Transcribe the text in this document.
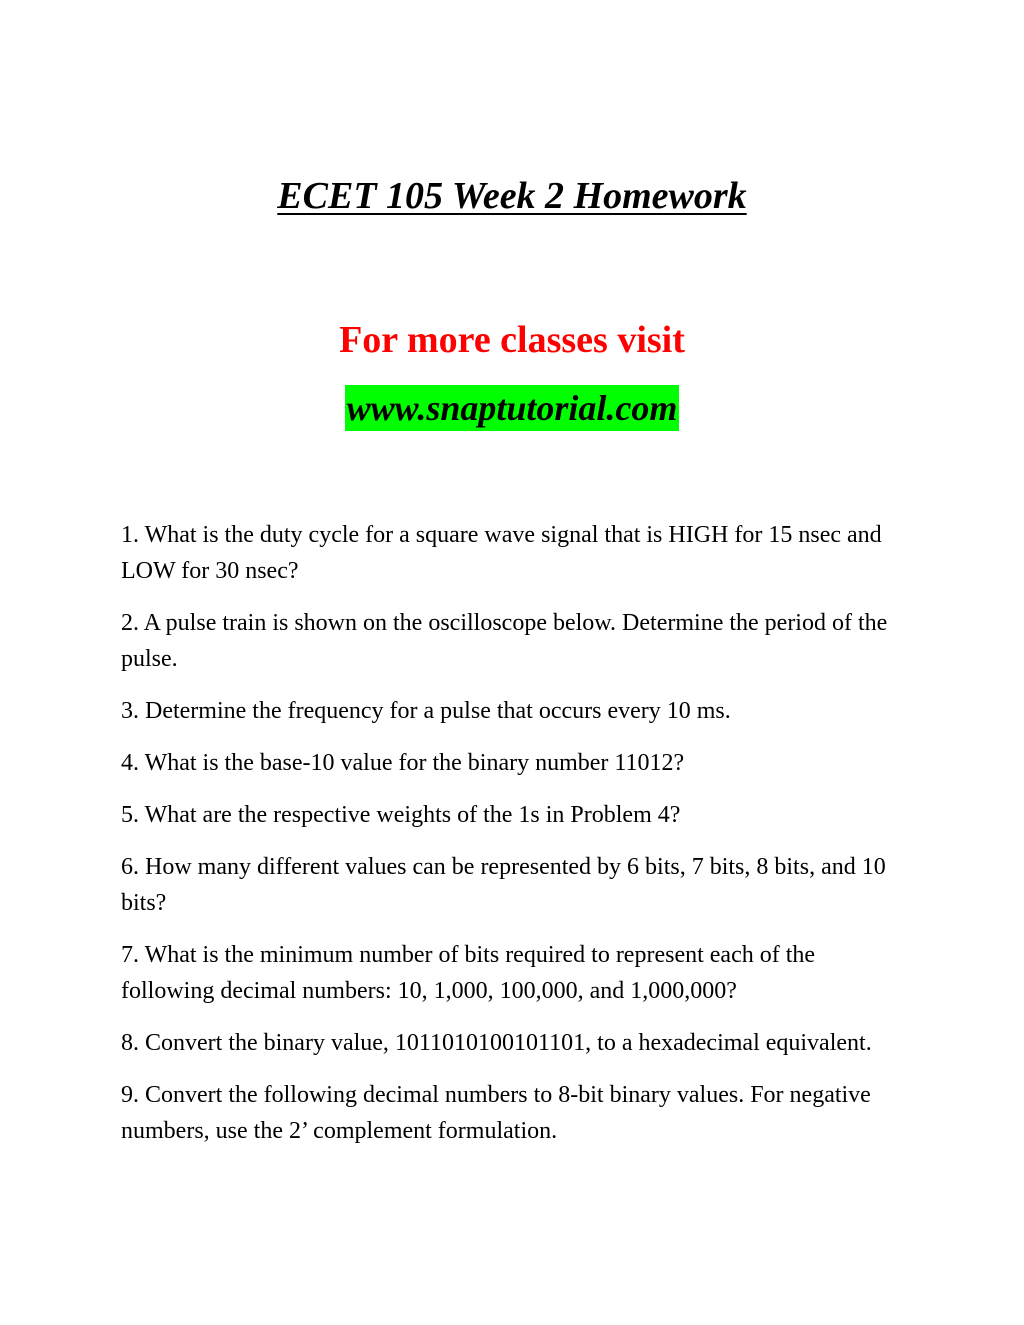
ECET 105 Week 2 Homework
For more classes visit
www.snaptutorial.com
1. What is the duty cycle for a square wave signal that is HIGH for 15 nsec and LOW for 30 nsec?
2. A pulse train is shown on the oscilloscope below. Determine the period of the pulse.
3. Determine the frequency for a pulse that occurs every 10 ms.
4. What is the base-10 value for the binary number 11012?
5. What are the respective weights of the 1s in Problem 4?
6. How many different values can be represented by 6 bits, 7 bits, 8 bits, and 10 bits?
7. What is the minimum number of bits required to represent each of the following decimal numbers: 10, 1,000, 100,000, and 1,000,000?
8. Convert the binary value, 1011010100101101, to a hexadecimal equivalent.
9. Convert the following decimal numbers to 8-bit binary values. For negative numbers, use the 2’ complement formulation.
